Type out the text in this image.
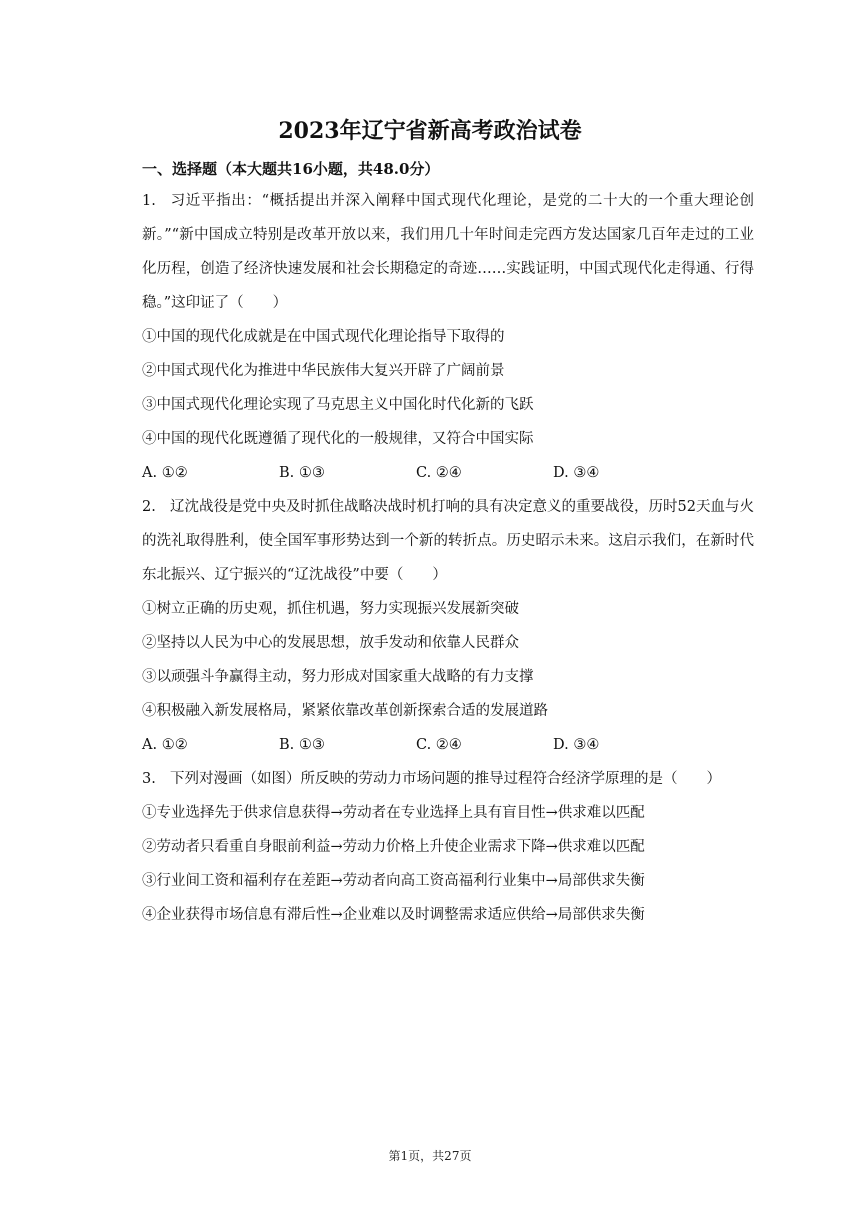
2023年辽宁省新高考政治试卷
一、选择题（本大题共16小题，共48.0分）

1. 习近平指出：“概括提出并深入阐释中国式现代化理论，是党的二十大的一个重大理论创新。”“新中国成立特别是改革开放以来，我们用几十年时间走完西方发达国家几百年走过的工业化历程，创造了经济快速发展和社会长期稳定的奇迹……实践证明，中国式现代化走得通、行得稳。”这印证了（　　）

①中国的现代化成就是在中国式现代化理论指导下取得的

②中国式现代化为推进中华民族伟大复兴开辟了广阔前景

③中国式现代化理论实现了马克思主义中国化时代化新的飞跃

④中国的现代化既遵循了现代化的一般规律，又符合中国实际

A. ①②	B. ①③	C. ②④	D. ③④

2. 辽沈战役是党中央及时抓住战略决战时机打响的具有决定意义的重要战役，历时52天血与火的洗礼取得胜利，使全国军事形势达到一个新的转折点。历史昭示未来。这启示我们，在新时代东北振兴、辽宁振兴的“辽沈战役”中要（　　）

①树立正确的历史观，抓住机遇，努力实现振兴发展新突破

②坚持以人民为中心的发展思想，放手发动和依靠人民群众

③以顽强斗争赢得主动，努力形成对国家重大战略的有力支撑

④积极融入新发展格局，紧紧依靠改革创新探索合适的发展道路

A. ①②	B. ①③	C. ②④	D. ③④

3. 下列对漫画（如图）所反映的劳动力市场问题的推导过程符合经济学原理的是（　　）

①专业选择先于供求信息获得→劳动者在专业选择上具有盲目性→供求难以匹配

②劳动者只看重自身眼前利益→劳动力价格上升使企业需求下降→供求难以匹配

③行业间工资和福利存在差距→劳动者向高工资高福利行业集中→局部供求失衡

④企业获得市场信息有滞后性→企业难以及时调整需求适应供给→局部供求失衡

第1页，共27页
